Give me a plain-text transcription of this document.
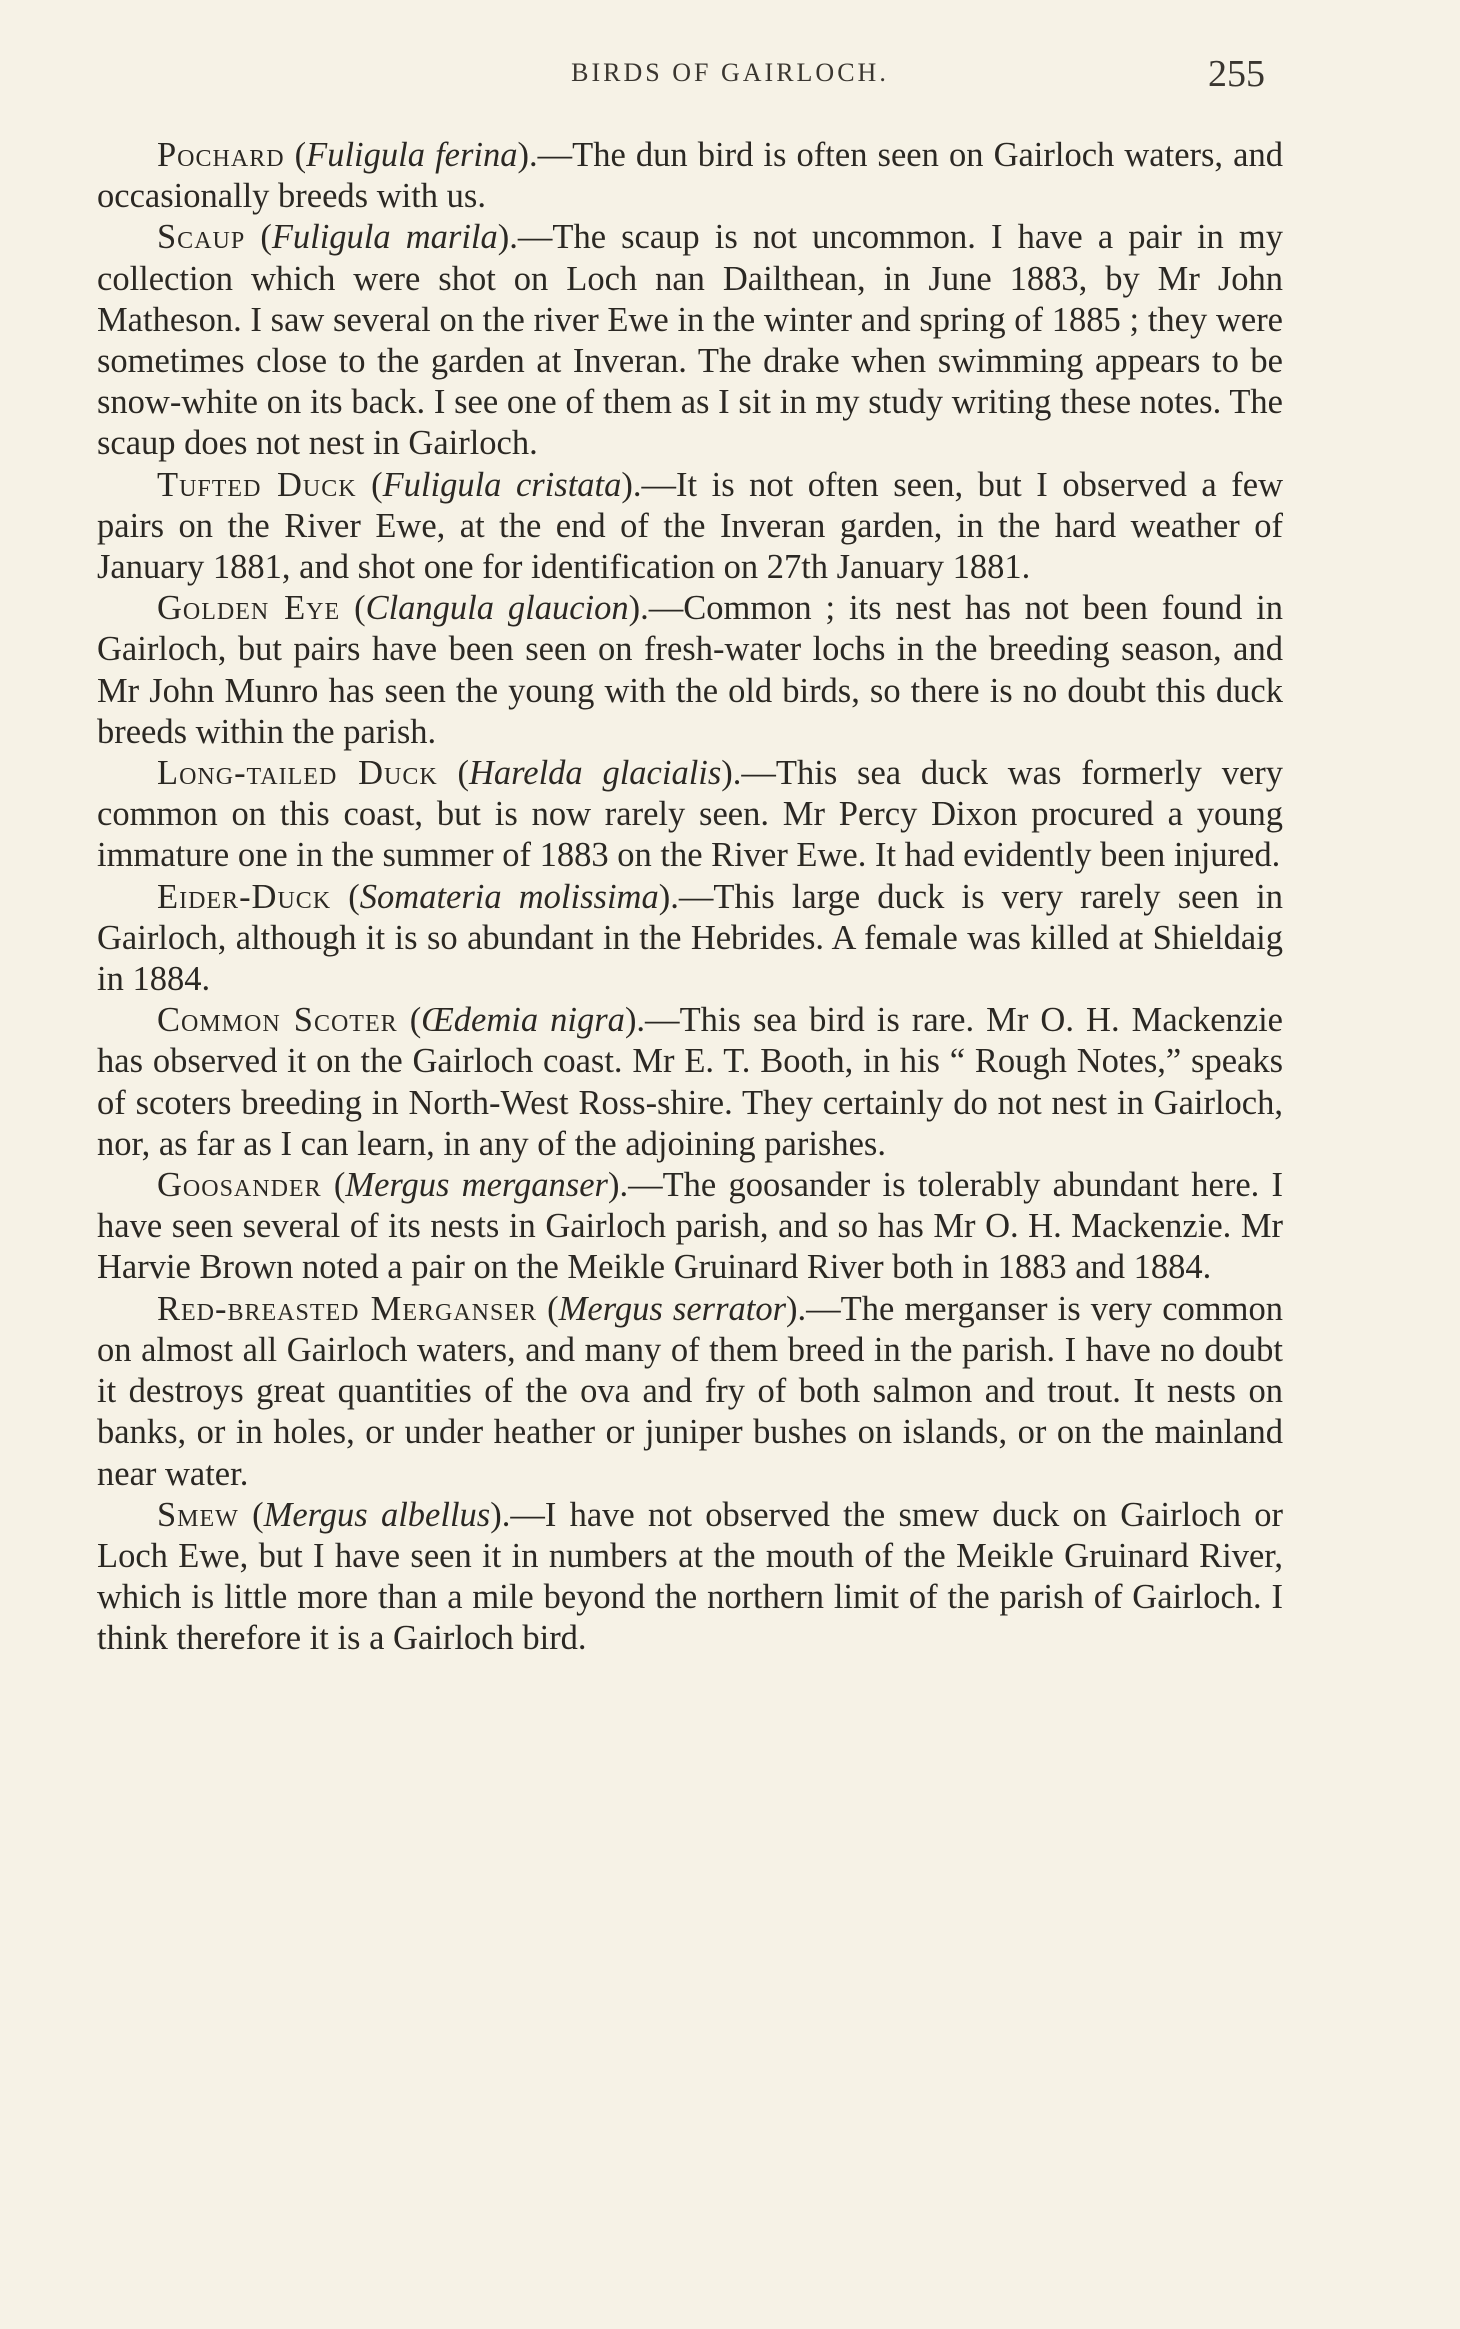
BIRDS OF GAIRLOCH.	255

Pochard (Fuligula ferina).—The dun bird is often seen on Gairloch waters, and occasionally breeds with us.

Scaup (Fuligula marila).—The scaup is not uncommon. I have a pair in my collection which were shot on Loch nan Dailthean, in June 1883, by Mr John Matheson. I saw several on the river Ewe in the winter and spring of 1885 ; they were sometimes close to the garden at Inveran. The drake when swimming appears to be snow-white on its back. I see one of them as I sit in my study writing these notes. The scaup does not nest in Gairloch.

Tufted Duck (Fuligula cristata).—It is not often seen, but I observed a few pairs on the River Ewe, at the end of the Inveran garden, in the hard weather of January 1881, and shot one for identification on 27th January 1881.

Golden Eye (Clangula glaucion).—Common ; its nest has not been found in Gairloch, but pairs have been seen on fresh-water lochs in the breeding season, and Mr John Munro has seen the young with the old birds, so there is no doubt this duck breeds within the parish.

Long-tailed Duck (Harelda glacialis).—This sea duck was formerly very common on this coast, but is now rarely seen. Mr Percy Dixon procured a young immature one in the summer of 1883 on the River Ewe. It had evidently been injured.

Eider-Duck (Somateria molissima).—This large duck is very rarely seen in Gairloch, although it is so abundant in the Hebrides. A female was killed at Shieldaig in 1884.

Common Scoter (Œdemia nigra).—This sea bird is rare. Mr O. H. Mackenzie has observed it on the Gairloch coast. Mr E. T. Booth, in his “ Rough Notes,” speaks of scoters breeding in North-West Ross-shire. They certainly do not nest in Gairloch, nor, as far as I can learn, in any of the adjoining parishes.

Goosander (Mergus merganser).—The goosander is tolerably abundant here. I have seen several of its nests in Gairloch parish, and so has Mr O. H. Mackenzie. Mr Harvie Brown noted a pair on the Meikle Gruinard River both in 1883 and 1884.

Red-breasted Merganser (Mergus serrator).—The merganser is very common on almost all Gairloch waters, and many of them breed in the parish. I have no doubt it destroys great quantities of the ova and fry of both salmon and trout. It nests on banks, or in holes, or under heather or juniper bushes on islands, or on the mainland near water.

Smew (Mergus albellus).—I have not observed the smew duck on Gairloch or Loch Ewe, but I have seen it in numbers at the mouth of the Meikle Gruinard River, which is little more than a mile beyond the northern limit of the parish of Gairloch. I think therefore it is a Gairloch bird.
